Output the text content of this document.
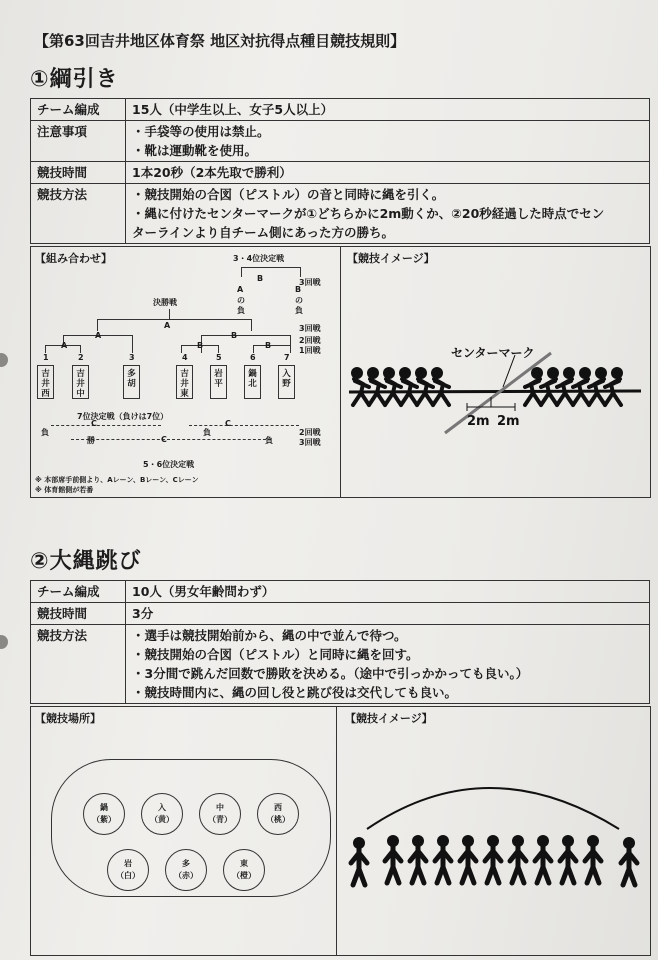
【第63回吉井地区体育祭 地区対抗得点種目競技規則】
①綱引き
チーム編成	15人（中学生以上、女子5人以上）

注意事項	・手袋等の使用は禁止。
・靴は運動靴を使用。

競技時間	1本20秒（2本先取で勝利）

競技方法	・競技開始の合図（ピストル）の音と同時に縄を引く。
・縄に付けたセンターマークが①どちらかに2m動くか、②20秒経過した時点でセン
ターラインより自チーム側にあった方の勝ち。
【組み合わせ】	3・4位決定戦
B	3回戦
A	B
の	の
負	負
決勝戦
A	3回戦
A	B
2回戦
A	B	B
1回戦
1
吉
井
西
2
吉
井
中
3
多
胡
4
吉
井
東
5
岩
平
6
鍋
北
7
入
野
7位決定戦（負けは7位）
C
負
C
負	2回戦
勝	C	負	3回戦
5・6位決定戦
※ 本部席手前側より、Aレーン、Bレーン、Cレーン
※ 体育館側が若番
【競技イメージ】
センターマーク
2m 2m
②大縄跳び
チーム編成	10人（男女年齢問わず）

競技時間	3分

競技方法	・選手は競技開始前から、縄の中で並んで待つ。
・競技開始の合図（ピストル）と同時に縄を回す。
・3分間で跳んだ回数で勝敗を決める。（途中で引っかかっても良い。）
・競技時間内に、縄の回し役と跳び役は交代しても良い。
【競技場所】
鍋
（紫）
入
（黄）
中
（青）
西
（桃）
岩
（白）
多
（赤）
東
（橙）
【競技イメージ】
